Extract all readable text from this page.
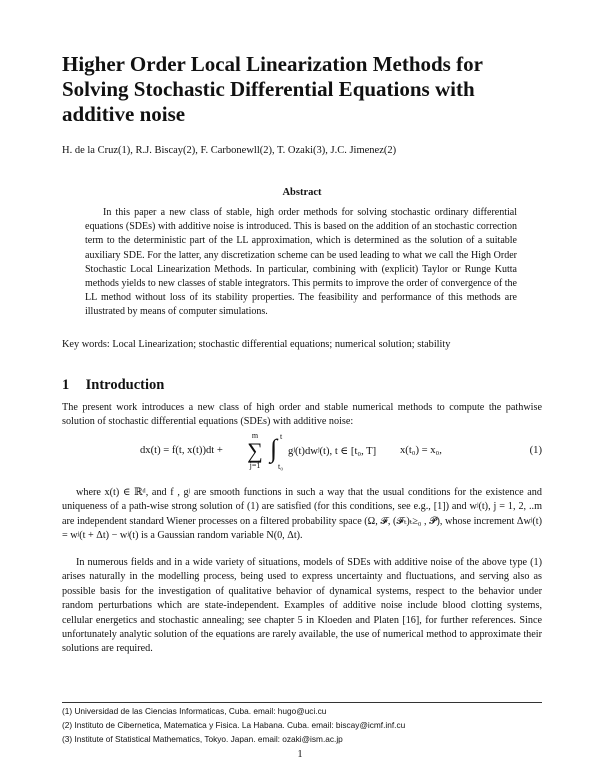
Higher Order Local Linearization Methods for Solving Stochastic Differential Equations with additive noise
H. de la Cruz(1), R.J. Biscay(2), F. Carbonewll(2), T. Ozaki(3), J.C. Jimenez(2)
Abstract
In this paper a new class of stable, high order methods for solving stochastic ordinary differential equations (SDEs) with additive noise is introduced. This is based on the addition of an stochastic correction term to the deterministic part of the LL approximation, which is determined as the solution of a suitable auxiliary SDE. For the latter, any discretization scheme can be used leading to what we call the High Order Stochastic Local Linearization Methods. In particular, combining with (explicit) Taylor or Runge Kutta methods yields to new classes of stable integrators. This permits to improve the order of convergence of the LL method without loss of its stability properties. The feasibility and performance of this methods are illustrated by means of computer simulations.
Key words: Local Linearization; stochastic differential equations; numerical solution; stability
1 Introduction
The present work introduces a new class of high order and stable numerical methods to compute the pathwise solution of stochastic differential equations (SDEs) with additive noise:
dx(t) = f(t, x(t))dt +
m
∑
j=1
t
∫
t₀
gʲ(t)dwʲ(t), t ∈ [t₀, T] x(t₀) = x₀,	(1)
where x(t) ∈ ℝᵈ, and f , gʲ are smooth functions in such a way that the usual conditions for the existence and uniqueness of a path-wise strong solution of (1) are satisfied (for this conditions, see e.g., [1]) and wʲ(t), j = 1, 2, ..m are independent standard Wiener processes on a filtered probability space (Ω, 𝓕, (𝓕ₜ)ₜ≥₀ , 𝓟), whose increment Δwʲ(t) = wʲ(t + Δt) − wʲ(t) is a Gaussian random variable N(0, Δt).
In numerous fields and in a wide variety of situations, models of SDEs with additive noise of the above type (1) arises naturally in the modelling process, being used to express uncertainty and fluctuations, and serving also as possible basis for the investigation of qualitative behavior of dynamical systems, respect to the behavior under random perturbations which are state-independent. Examples of additive noise include blood clotting systems, cellular energetics and stochastic annealing; see chapter 5 in Kloeden and Platen [16], for further references. Since unfortunately analytic solution of the equations are rarely available, the use of numerical method to approximate their solutions are required.
(1) Universidad de las Ciencias Informaticas, Cuba. email: hugo@uci.cu
(2) Instituto de Cibernetica, Matematica y Fisica. La Habana. Cuba. email: biscay@icmf.inf.cu
(3) Institute of Statistical Mathematics, Tokyo. Japan. email: ozaki@ism.ac.jp
1
